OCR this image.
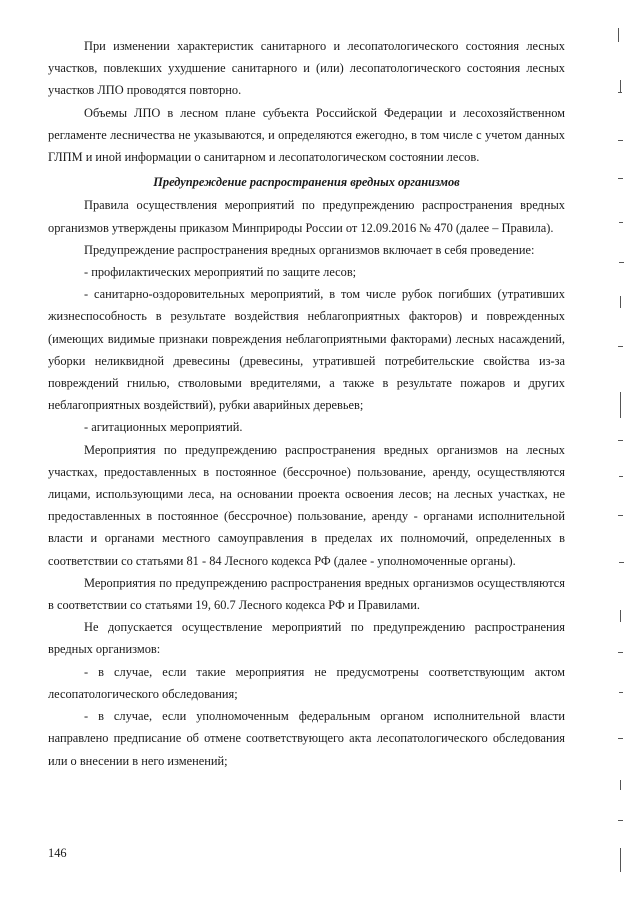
При изменении характеристик санитарного и лесопатологического состояния лесных участков, повлекших ухудшение санитарного и (или) лесопатологического состояния лесных участков ЛПО проводятся повторно.

Объемы ЛПО в лесном плане субъекта Российской Федерации и лесохозяйственном регламенте лесничества не указываются, и определяются ежегодно, в том числе с учетом данных ГЛПМ и иной информации о санитарном и лесопатологическом состоянии лесов.

Предупреждение распространения вредных организмов

Правила осуществления мероприятий по предупреждению распространения вредных организмов утверждены приказом Минприроды России от 12.09.2016 № 470 (далее – Правила).

Предупреждение распространения вредных организмов включает в себя проведение:

- профилактических мероприятий по защите лесов;

- санитарно-оздоровительных мероприятий, в том числе рубок погибших (утративших жизнеспособность в результате воздействия неблагоприятных факторов) и поврежденных (имеющих видимые признаки повреждения неблагоприятными факторами) лесных насаждений, уборки неликвидной древесины (древесины, утратившей потребительские свойства из-за повреждений гнилью, стволовыми вредителями, а также в результате пожаров и других неблагоприятных воздействий), рубки аварийных деревьев;

- агитационных мероприятий.

Мероприятия по предупреждению распространения вредных организмов на лесных участках, предоставленных в постоянное (бессрочное) пользование, аренду, осуществляются лицами, использующими леса, на основании проекта освоения лесов; на лесных участках, не предоставленных в постоянное (бессрочное) пользование, аренду - органами исполнительной власти и органами местного самоуправления в пределах их полномочий, определенных в соответствии со статьями 81 - 84 Лесного кодекса РФ (далее - уполномоченные органы).

Мероприятия по предупреждению распространения вредных организмов осуществляются в соответствии со статьями 19, 60.7 Лесного кодекса РФ и Правилами.

Не допускается осуществление мероприятий по предупреждению распространения вредных организмов:

- в случае, если такие мероприятия не предусмотрены соответствующим актом лесопатологического обследования;

- в случае, если уполномоченным федеральным органом исполнительной власти направлено предписание об отмене соответствующего акта лесопатологического обследования или о внесении в него изменений;

146
